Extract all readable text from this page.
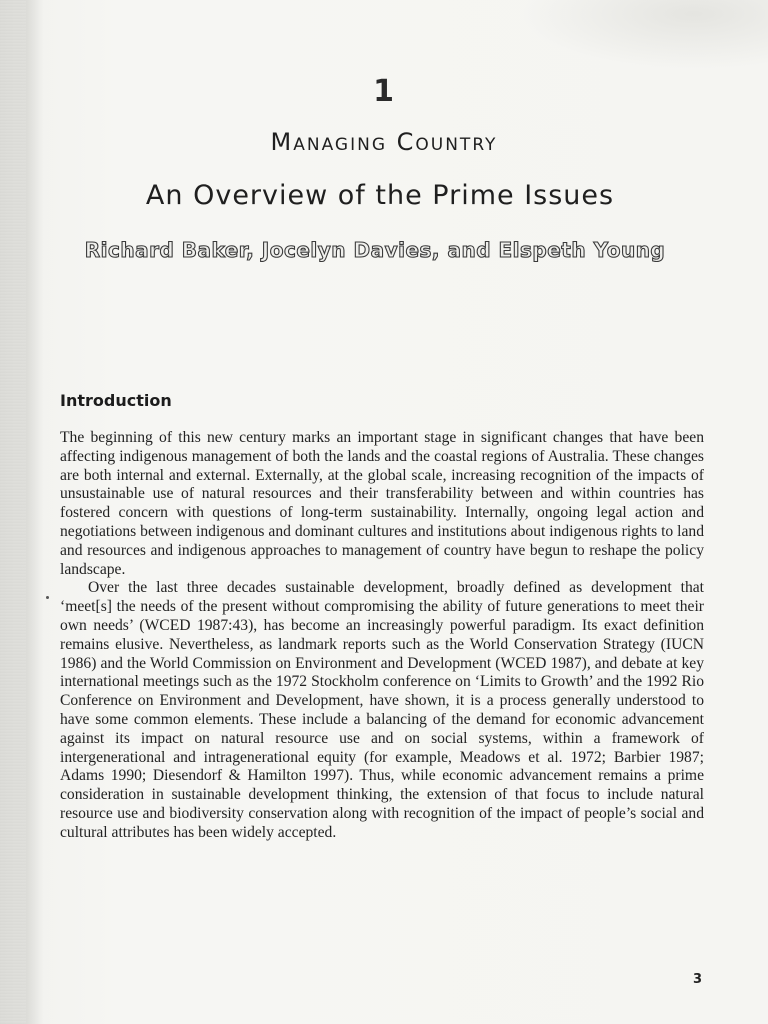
1
Managing Country
An Overview of the Prime Issues
Richard Baker, Jocelyn Davies, and Elspeth Young
Introduction

The beginning of this new century marks an important stage in significant changes that have been affecting indigenous management of both the lands and the coastal regions of Australia. These changes are both internal and external. Externally, at the global scale, increasing recognition of the impacts of unsustainable use of natural resources and their transferability between and within countries has fostered concern with questions of long-term sustainability. Internally, ongoing legal action and negotiations between indigenous and dominant cultures and institutions about indigenous rights to land and resources and indigenous approaches to management of country have begun to reshape the policy landscape.

Over the last three decades sustainable development, broadly defined as development that ‘meet[s] the needs of the present without compromising the ability of future generations to meet their own needs’ (WCED 1987:43), has become an increasingly powerful paradigm. Its exact definition remains elusive. Nevertheless, as landmark reports such as the World Conservation Strategy (IUCN 1986) and the World Commission on Environment and Development (WCED 1987), and debate at key international meetings such as the 1972 Stockholm conference on ‘Limits to Growth’ and the 1992 Rio Conference on Environment and Development, have shown, it is a process generally understood to have some common elements. These include a balancing of the demand for economic advancement against its impact on natural resource use and on social systems, within a framework of intergenerational and intragenerational equity (for example, Meadows et al. 1972; Barbier 1987; Adams 1990; Diesendorf & Hamilton 1997). Thus, while economic advancement remains a prime consideration in sustainable development thinking, the extension of that focus to include natural resource use and biodiversity conservation along with recognition of the impact of people’s social and cultural attributes has been widely accepted.

3
